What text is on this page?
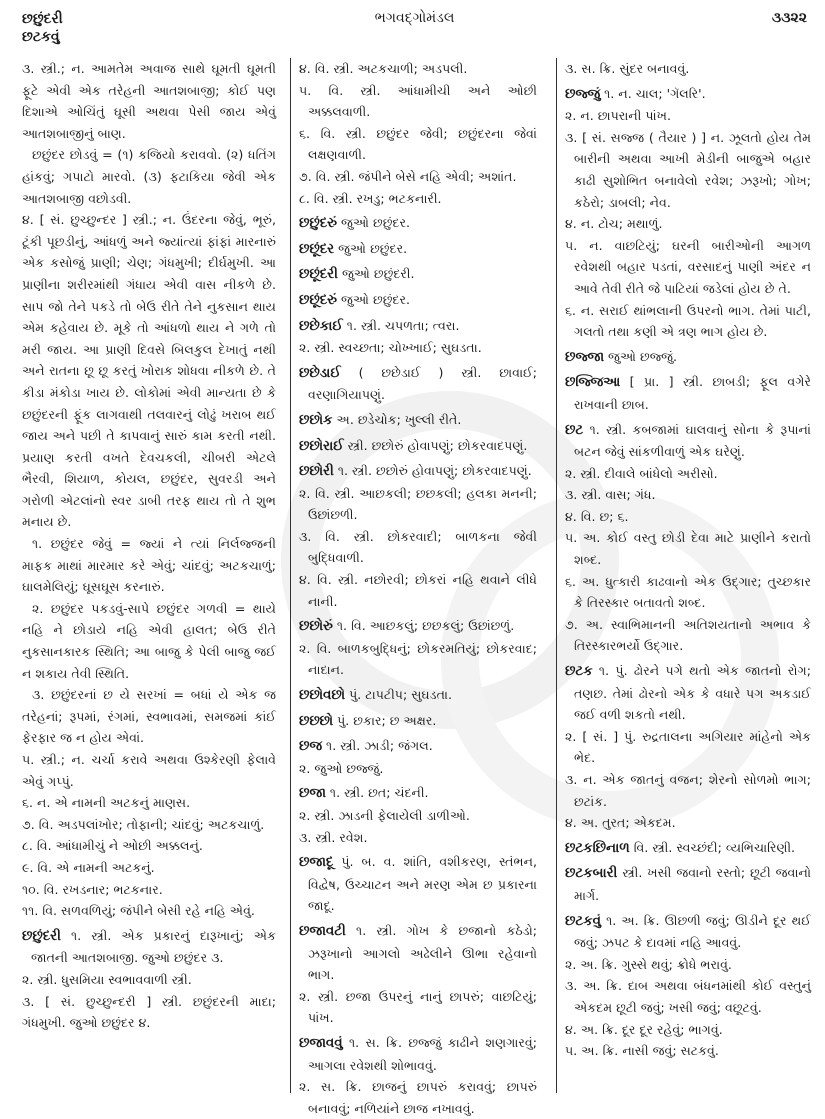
છછુંદરી
છટકવું
ભગવદ્ગોમંડલ	૩૩૨૨

૩. સ્ત્રી.; ન. આમતેમ અવાજ સાથે ઘૂમતી ઘૂમતી ફૂટે એવી એક તરેહની આતશબાજી; કોઈ પણ દિશાએ ઓચિંતું ઘૂસી અથવા પેસી જાય એવું આતશબાજીનું બાણ.

છછુંદર છોડવું = (૧) કજિયો કરાવવો. (૨) ધતિંગ હાંકવું; ગપાટો મારવો. (૩) ફટાકિયા જેવી એક આતશબાજી વછોડવી.

૪. [ સં. છુચ્છુન્દર ] સ્ત્રી.; ન. ઉંદરના જેવું, ભૂરું, ટૂંકી પૂછડીનું, આંધળું અને જ્યાંત્યાં ફાંફાં મારનારું એક કસોજું પ્રાણી; ચેણ; ગંધમુખી; દીર્ઘમુખી. આ પ્રાણીના શરીરમાંથી ગંધાય એવી વાસ નીકળે છે. સાપ જો તેને પકડે તો બેઉ રીતે તેને નુકસાન થાય એમ કહેવાય છે. મૂકે તો આંધળો થાય ને ગળે તો મરી જાય. આ પ્રાણી દિવસે બિલકુલ દેખાતું નથી અને રાતના છૂ છૂ કરતું ખોરાક શોધવા નીકળે છે. તે કીડા મંકોડા ખાય છે. લોકોમાં એવી માન્યતા છે કે છછુંદરની ફૂંક લાગવાથી તલવારનું લોઢું ખરાબ થઈ જાય અને પછી તે કાપવાનું સારું કામ કરતી નથી. પ્રયાણ કરતી વખતે દેવચકલી, ચીબરી એટલે ભૈરવી, શિયાળ, કોયલ, છછુંદર, સુવરડી અને ગરોળી એટલાંનો સ્વર ડાબી તરફ થાય તો તે શુભ મનાય છે.

૧. છછુંદર જેવું = જ્યાં ને ત્યાં નિર્લજ્જની માફક માથાં મારમાર કરે એવું; ચાંદવું; અટકચાળું; ઘાલમેલિયું; ઘૂસઘૂસ કરનારું.

૨. છછુંદર પકડવું-સાપે છછુંદર ગળવી = થાયે નહિ ને છોડાયે નહિ એવી હાલત; બેઉ રીતે નુકસાનકારક સ્થિતિ; આ બાજુ કે પેલી બાજુ જઈ ન શકાય તેવી સ્થિતિ.

૩. છછુંદરનાં છ યે સરખાં = બધાં યે એક જ તરેહનાં; રૂપમાં, રંગમાં, સ્વભાવમાં, સમજમાં કાંઈ ફેરફાર જ ન હોય એવાં.

૫. સ્ત્રી.; ન. ચર્ચા કરાવે અથવા ઉશ્કેરણી ફેલાવે એવું ગપ્પું.

૬. ન. એ નામની અટકનું માણસ.

૭. વિ. અડપલાંખોર; તોફાની; ચાંદવું; અટકચાળું.

૮. વિ. આંધામીચું ને ઓછી અક્કલનું.

૯. વિ. એ નામની અટકનું.

૧૦. વિ. રખડનાર; ભટકનાર.

૧૧. વિ. સળવળિયું; જંપીને બેસી રહે નહિ એવું.

છછુંદરી ૧. સ્ત્રી. એક પ્રકારનું દારૂખાનું; એક જાતની આતશબાજી. જુઓ છછુંદર ૩.

૨. સ્ત્રી. ધુસમિયા સ્વભાવવાળી સ્ત્રી.

૩. [ સં. છુચ્છુન્દરી ] સ્ત્રી. છછુંદરની માદા; ગંધમુખી. જુઓ છછુંદર ૪.

૪. વિ. સ્ત્રી. અટકચાળી; અડપલી.

૫. વિ. સ્ત્રી. આંધામીચી અને ઓછી અક્કલવાળી.

૬. વિ. સ્ત્રી. છછુંદર જેવી; છછુંદરના જેવાં લક્ષણવાળી.

૭. વિ. સ્ત્રી. જંપીને બેસે નહિ એવી; અશાંત.

૮. વિ. સ્ત્રી. રખડુ; ભટકનારી.

છછુંદરું જુઓ છછુંદર.

છછૂંદર જુઓ છછુંદર.

છછૂંદરી જુઓ છછુંદરી.

છછૂંદરું જુઓ છછુંદર.

છછેકાઈ ૧. સ્ત્રી. ચપળતા; ત્વરા.

૨. સ્ત્રી. સ્વચ્છતા; ચોખ્ખાઈ; સુઘડતા.

છછેડાઈ ( છછેડાઈ ) સ્ત્રી. છાવાઈ; વરણાગિયાપણું.

છછોક અ. છડેચોક; ખુલ્લી રીતે.

છછોરાઈ સ્ત્રી. છછોરું હોવાપણું; છોકરવાદપણું.

છછોરી ૧. સ્ત્રી. છછોરું હોવાપણું; છોકરવાદપણું.

૨. વિ. સ્ત્રી. આછકલી; છછકલી; હલકા મનની; ઉછાંછળી.

૩. વિ. સ્ત્રી. છોકરવાદી; બાળકના જેવી બુદ્ધિવાળી.

૪. વિ. સ્ત્રી. નછોરવી; છોકરાં નહિ થવાને લીધે નાની.

છછોરું ૧. વિ. આછકલું; છછકલું; ઉછાંછળું.

૨. વિ. બાળકબુદ્ધિનું; છોકરમતિયું; છોકરવાદ; નાદાન.

છછોવછો પું. ટાપટીપ; સુઘડતા.

છછ્છો પું. છકાર; છ અક્ષર.

છજ ૧. સ્ત્રી. ઝાડી; જંગલ.

૨. જુઓ છજ્જું.

છજા ૧. સ્ત્રી. છત; ચંદની.

૨. સ્ત્રી. ઝાડની ફેલાયેલી ડાળીઓ.

૩. સ્ત્રી. રવેશ.

છજાદૂ પું. બ. વ. શાંતિ, વશીકરણ, સ્તંભન, વિદ્વેષ, ઉચ્ચાટન અને મરણ એમ છ પ્રકારના જાદૂ.

છજાવટી ૧. સ્ત્રી. ગોખ કે છજાનો કઠેડો; ઝરૂખાનો આગલો અઢેલીને ઊભા રહેવાનો ભાગ.

૨. સ્ત્રી. છજા ઉપરનું નાનું છાપરું; વાછટિયું; પાંખ.

છજાવવું ૧. સ. ક્રિ. છજ્જું કાઢીને શણગારવું; આગલા રવેશથી શોભાવવું.

૨. સ. ક્રિ. છાજનું છાપરું કરાવવું; છાપરું બનાવવું; નળિયાંને છાજ નખાવવું.

૩. સ. ક્રિ. સુંદર બનાવવું.

છજ્જું ૧. ન. ચાલ; 'ગૅલરિ'.

૨. ન. છાપરાની પાંખ.

૩. [ સં. સજ્જ ( તૈયાર ) ] ન. ઝૂલતો હોય તેમ બારીની અથવા આખી મેડીની બાજુએ બહાર કાઢી સુશોભિત બનાવેલો રવેશ; ઝરૂખો; ગોખ; કઠેરો; ડાબલી; નેવ.

૪. ન. ટોચ; મથાળું.

૫. ન. વાછટિયું; ઘરની બારીઓની આગળ રવેશથી બહાર પડતાં, વરસાદનું પાણી અંદર ન આવે તેવી રીતે જે પાટિયાં જડેલાં હોય છે તે.

૬. ન. સરાઈ થાંભલાની ઉપરનો ભાગ. તેમાં પાટી, ગલતો તથા કણી એ ત્રણ ભાગ હોય છે.

છજ્જા જુઓ છજ્જું.

છજ્જિઆ [ પ્રા. ] સ્ત્રી. છાબડી; ફૂલ વગેરે રાખવાની છાબ.

છટ ૧. સ્ત્રી. કબજામાં ઘાલવાનું સોના કે રૂપાનાં બટન જેવું સાંકળીવાળું એક ઘરેણું.

૨. સ્ત્રી. દીવાલે બાંધેલો અરીસો.

૩. સ્ત્રી. વાસ; ગંધ.

૪. વિ. છ; ૬.

૫. અ. કોઈ વસ્તુ છોડી દેવા માટે પ્રાણીને કરાતો શબ્દ.

૬. અ. ધુત્કારી કાઢવાનો એક ઉદ્ગાર; તુચ્છકાર કે તિરસ્કાર બતાવતો શબ્દ.

૭. અ. સ્વાભિમાનની અતિશયતાનો અભાવ કે તિરસ્કારભર્યો ઉદ્ગાર.

છટક ૧. પું. ઢોરને પગે થતો એક જાતનો રોગ; તણછ. તેમાં ઢોરનો એક કે વધારે પગ અકડાઈ જઈ વળી શકતો નથી.

૨. [ સં. ] પું. રુદ્રતાલના અગિયાર માંહેનો એક ભેદ.

૩. ન. એક જાતનું વજન; શેરનો સોળમો ભાગ; છટાંક.

૪. અ. તુરત; એકદમ.

છટકછિનાળ વિ. સ્ત્રી. સ્વચ્છંદી; વ્યભિચારિણી.

છટકબારી સ્ત્રી. ખસી જવાનો રસ્તો; છૂટી જવાનો માર્ગ.

છટકવું ૧. અ. ક્રિ. ઊછળી જવું; ઊડીને દૂર થઈ જવું; ઝપટ કે દાવમાં નહિ આવવું.

૨. અ. ક્રિ. ગુસ્સે થવું; ક્રોધે ભરાવું.

૩. અ. ક્રિ. દાબ અથવા બંધનમાંથી કોઈ વસ્તુનું એકદમ છૂટી જવું; ખસી જવું; વછૂટવું.

૪. અ. ક્રિ. દૂર દૂર રહેવું; ભાગવું.

૫. અ. ક્રિ. નાસી જવું; સટકવું.
